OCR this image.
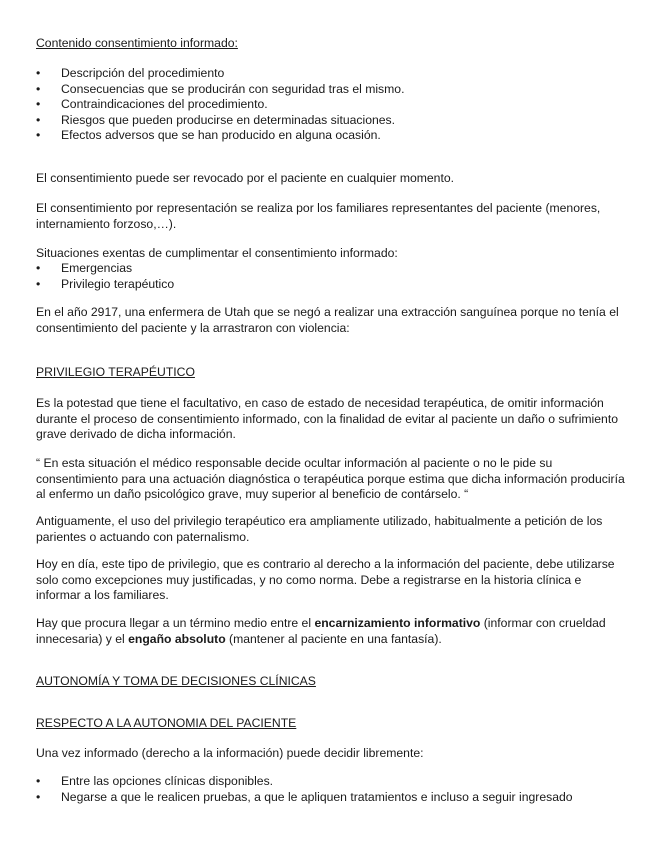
Contenido consentimiento informado:
• Descripción del procedimiento
• Consecuencias que se producirán con seguridad tras el mismo.
• Contraindicaciones del procedimiento.
• Riesgos que pueden producirse en determinadas situaciones.
• Efectos adversos que se han producido en alguna ocasión.

El consentimiento puede ser revocado por el paciente en cualquier momento.

El consentimiento por representación se realiza por los familiares representantes del paciente (menores, internamiento forzoso,…).

Situaciones exentas de cumplimentar el consentimiento informado:

• Emergencias
• Privilegio terapéutico

En el año 2917, una enfermera de Utah que se negó a realizar una extracción sanguínea porque no tenía el consentimiento del paciente y la arrastraron con violencia:

PRIVILEGIO TERAPÉUTICO

Es la potestad que tiene el facultativo, en caso de estado de necesidad terapéutica, de omitir información durante el proceso de consentimiento informado, con la finalidad de evitar al paciente un daño o sufrimiento grave derivado de dicha información.

“ En esta situación el médico responsable decide ocultar información al paciente o no le pide su consentimiento para una actuación diagnóstica o terapéutica porque estima que dicha información produciría al enfermo un daño psicológico grave, muy superior al beneficio de contárselo. “

Antiguamente, el uso del privilegio terapéutico era ampliamente utilizado, habitualmente a petición de los parientes o actuando con paternalismo.

Hoy en día, este tipo de privilegio, que es contrario al derecho a la información del paciente, debe utilizarse solo como excepciones muy justificadas, y no como norma. Debe a registrarse en la historia clínica e informar a los familiares.

Hay que procura llegar a un término medio entre el encarnizamiento informativo (informar con crueldad innecesaria) y el engaño absoluto (mantener al paciente en una fantasía).

AUTONOMÍA Y TOMA DE DECISIONES CLÍNICAS
RESPECTO A LA AUTONOMIA DEL PACIENTE

Una vez informado (derecho a la información) puede decidir libremente:

• Entre las opciones clínicas disponibles.
• Negarse a que le realicen pruebas, a que le apliquen tratamientos e incluso a seguir ingresado
